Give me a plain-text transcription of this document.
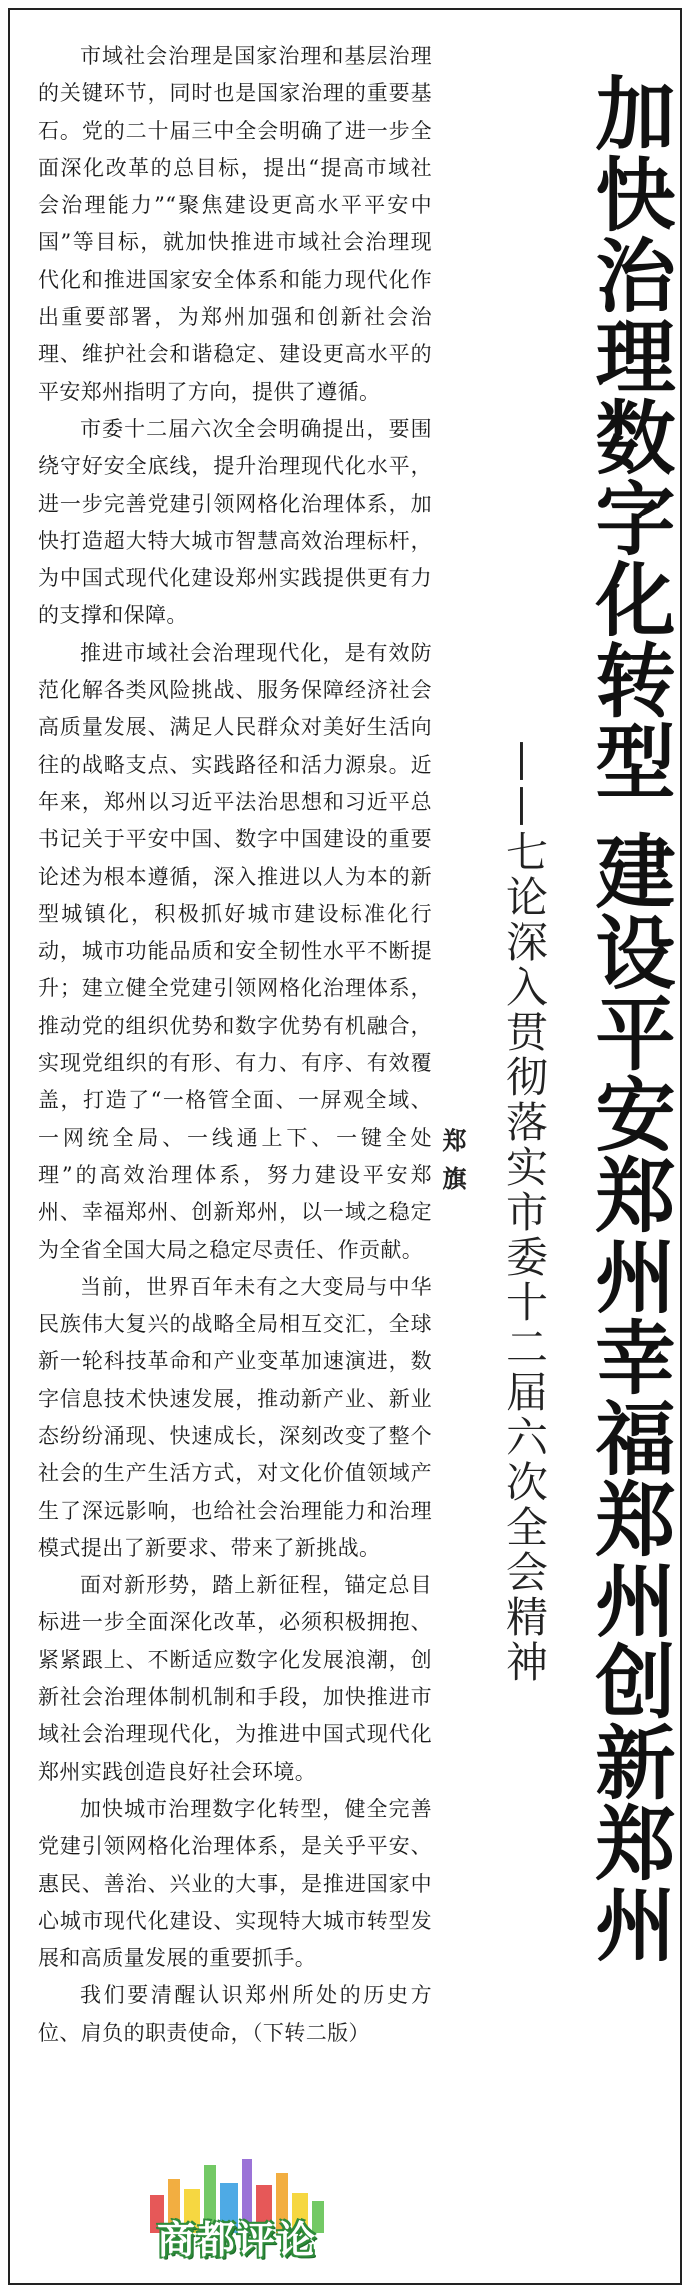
加快治理数字化转型 建设平安郑州幸福郑州创新郑州
——七论深入贯彻落实市委十二届六次全会精神
郑旗

市域社会治理是国家治理和基层治理的关键环节，同时也是国家治理的重要基石。党的二十届三中全会明确了进一步全面深化改革的总目标，提出“提高市域社会治理能力”“聚焦建设更高水平平安中国”等目标，就加快推进市域社会治理现代化和推进国家安全体系和能力现代化作出重要部署，为郑州加强和创新社会治理、维护社会和谐稳定、建设更高水平的平安郑州指明了方向，提供了遵循。

市委十二届六次全会明确提出，要围绕守好安全底线，提升治理现代化水平，进一步完善党建引领网格化治理体系，加快打造超大特大城市智慧高效治理标杆，为中国式现代化建设郑州实践提供更有力的支撑和保障。

推进市域社会治理现代化，是有效防范化解各类风险挑战、服务保障经济社会高质量发展、满足人民群众对美好生活向往的战略支点、实践路径和活力源泉。近年来，郑州以习近平法治思想和习近平总书记关于平安中国、数字中国建设的重要论述为根本遵循，深入推进以人为本的新型城镇化，积极抓好城市建设标准化行动，城市功能品质和安全韧性水平不断提升；建立健全党建引领网格化治理体系，推动党的组织优势和数字优势有机融合，实现党组织的有形、有力、有序、有效覆盖，打造了“一格管全面、一屏观全域、一网统全局、一线通上下、一键全处理”的高效治理体系，努力建设平安郑州、幸福郑州、创新郑州，以一域之稳定为全省全国大局之稳定尽责任、作贡献。

当前，世界百年未有之大变局与中华民族伟大复兴的战略全局相互交汇，全球新一轮科技革命和产业变革加速演进，数字信息技术快速发展，推动新产业、新业态纷纷涌现、快速成长，深刻改变了整个社会的生产生活方式，对文化价值领域产生了深远影响，也给社会治理能力和治理模式提出了新要求、带来了新挑战。

面对新形势，踏上新征程，锚定总目标进一步全面深化改革，必须积极拥抱、紧紧跟上、不断适应数字化发展浪潮，创新社会治理体制机制和手段，加快推进市域社会治理现代化，为推进中国式现代化郑州实践创造良好社会环境。

加快城市治理数字化转型，健全完善党建引领网格化治理体系，是关乎平安、惠民、善治、兴业的大事，是推进国家中心城市现代化建设、实现特大城市转型发展和高质量发展的重要抓手。

我们要清醒认识郑州所处的历史方位、肩负的职责使命，（下转二版）

商都评论
